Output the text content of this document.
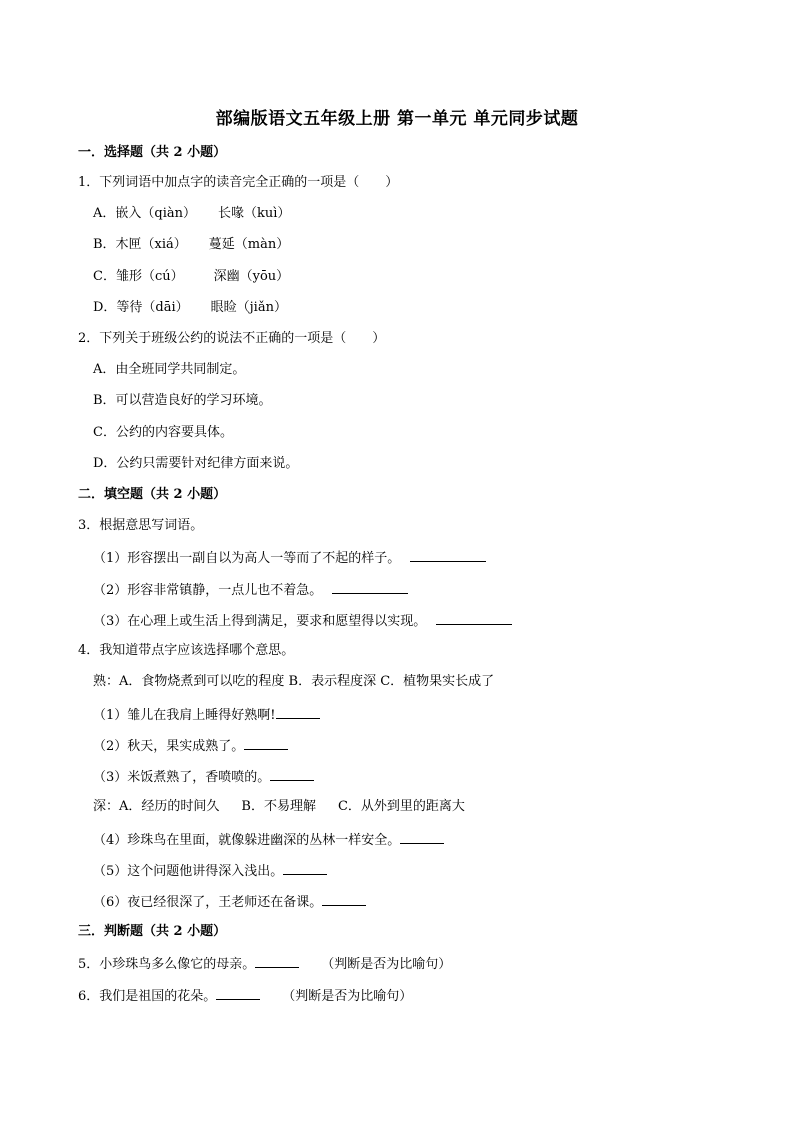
部编版语文五年级上册 第一单元 单元同步试题
一．选择题（共 2 小题）
1．下列词语中加点字的读音完全正确的一项是（　　）
A．嵌入（qiàn） 长喙（kuì）
B．木匣（xiá） 蔓延（màn）
C．雏形（cú） 深幽（yōu）
D．等待（dāi） 眼睑（jiǎn）
2．下列关于班级公约的说法不正确的一项是（　　）
A．由全班同学共同制定。
B．可以营造良好的学习环境。
C．公约的内容要具体。
D．公约只需要针对纪律方面来说。
二．填空题（共 2 小题）
3．根据意思写词语。
（1）形容摆出一副自以为高人一等而了不起的样子。
（2）形容非常镇静，一点儿也不着急。
（3）在心理上或生活上得到满足，要求和愿望得以实现。
4．我知道带点字应该选择哪个意思。
熟：A．食物烧煮到可以吃的程度 B．表示程度深 C．植物果实长成了
（1）雏儿在我肩上睡得好熟啊!
（2）秋天，果实成熟了。
（3）米饭煮熟了，香喷喷的。
深：A．经历的时间久 B．不易理解 C．从外到里的距离大
（4）珍珠鸟在里面，就像躲进幽深的丛林一样安全。
（5）这个问题他讲得深入浅出。
（6）夜已经很深了，王老师还在备课。
三．判断题（共 2 小题）
5．小珍珠鸟多么像它的母亲。	（判断是否为比喻句）
6．我们是祖国的花朵。	（判断是否为比喻句）
